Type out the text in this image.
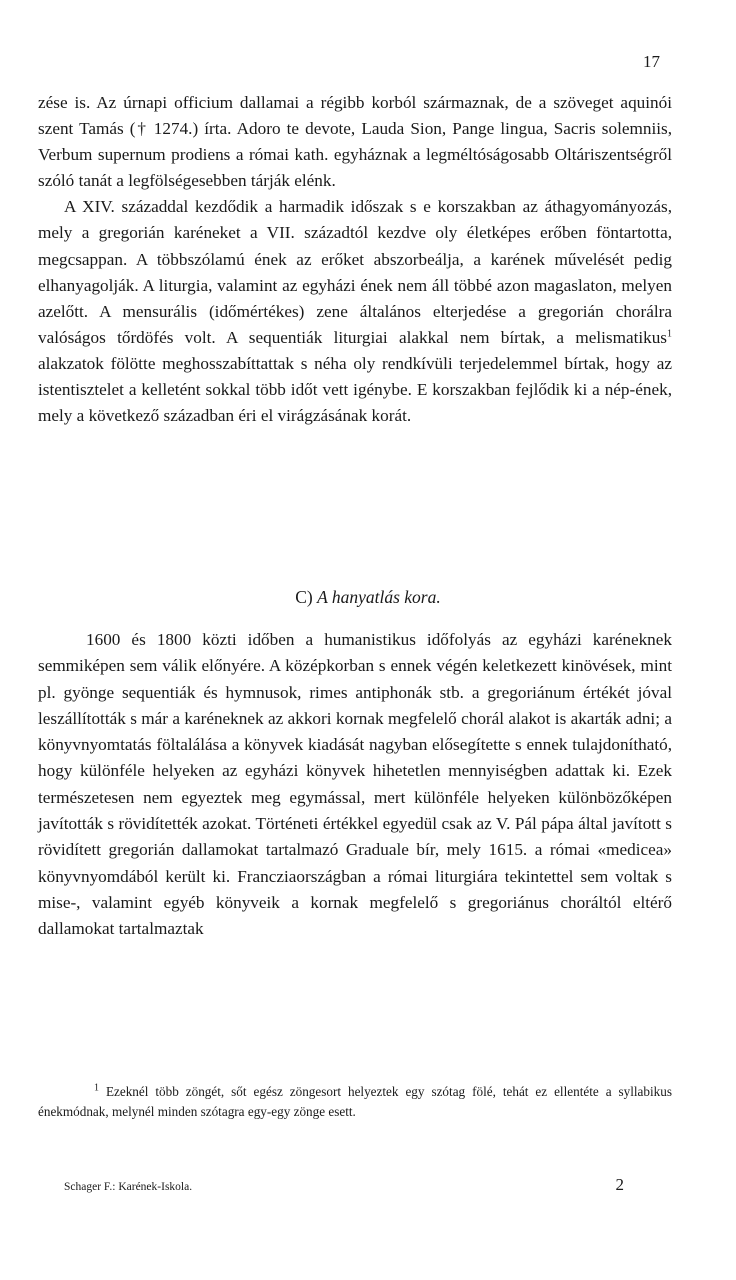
17

zése is. Az úrnapi officium dallamai a régibb korból származnak, de a szöveget aquinói szent Tamás († 1274.) írta. Adoro te devote, Lauda Sion, Pange lingua, Sacris solemniis, Verbum supernum prodiens a római kath. egyháznak a legméltóságosabb Oltáriszentségről szóló tanát a legfölségesebben tárják elénk.

A XIV. századdal kezdődik a harmadik időszak s e korszakban az áthagyományozás, mely a gregorián karéneket a VII. századtól kezdve oly életképes erőben föntartotta, megcsappan. A többszólamú ének az erőket abszorbeálja, a karének művelését pedig elhanyagolják. A liturgia, valamint az egyházi ének nem áll többé azon magaslaton, melyen azelőtt. A mensurális (időmértékes) zene általános elterjedése a gregorián chorálra valóságos tőrdöfés volt. A sequentiák liturgiai alakkal nem bírtak, a melismatikus$^1$ alakzatok fölötte meghosszabíttattak s néha oly rendkívüli terjedelemmel bírtak, hogy az istentisztelet a kelletént sokkal több időt vett igénybe. E korszakban fejlődik ki a nép-ének, mely a következő században éri el virágzásának korát.

C) A hanyatlás kora.

1600 és 1800 közti időben a humanistikus időfolyás az egyházi karéneknek semmiképen sem válik előnyére. A középkorban s ennek végén keletkezett kinövések, mint pl. gyönge sequentiák és hymnusok, rimes antiphonák stb. a gregoriánum értékét jóval leszállították s már a karéneknek az akkori kornak megfelelő chorál alakot is akarták adni; a könyvnyomtatás föltalálása a könyvek kiadását nagyban elősegítette s ennek tulajdonítható, hogy különféle helyeken az egyházi könyvek hihetetlen mennyiségben adattak ki. Ezek természetesen nem egyeztek meg egymással, mert különféle helyeken különbözőképen javították s rövidítették azokat. Történeti értékkel egyedül csak az V. Pál pápa által javított s rövidített gregorián dallamokat tartalmazó Graduale bír, mely 1615. a római «medicea» könyvnyomdából került ki. Francziaországban a római liturgiára tekintettel sem voltak s mise-, valamint egyéb könyveik a kornak megfelelő s gregoriánus choráltól eltérő dallamokat tartalmaztak

$^1$ Ezeknél több zöngét, sőt egész zöngesort helyeztek egy szótag fölé, tehát ez ellentéte a syllabikus énekmódnak, melynél minden szótagra egy-egy zönge esett.

Schager F.: Karének-Iskola.	2
